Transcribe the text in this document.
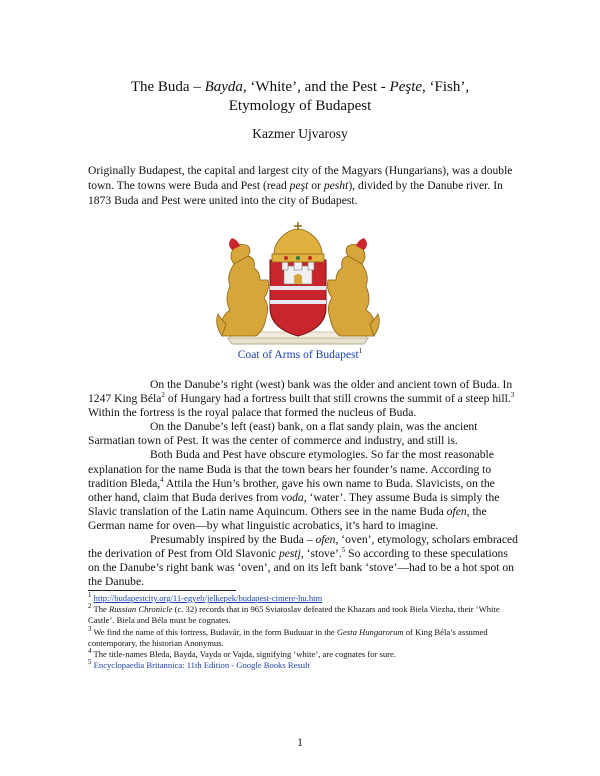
The Buda – Bayda, ‘White’, and the Pest - Peşte, ‘Fish’,
Etymology of Budapest
Kazmer Ujvarosy
Originally Budapest, the capital and largest city of the Magyars (Hungarians), was a double town. The towns were Buda and Pest (read peşt or pesht), divided by the Danube river. In 1873 Buda and Pest were united into the city of Budapest.
Coat of Arms of Budapest$^1$

On the Danube’s right (west) bank was the older and ancient town of Buda. In 1247 King Béla$^2$ of Hungary had a fortress built that still crowns the summit of a steep hill.$^3$ Within the fortress is the royal palace that formed the nucleus of Buda.

On the Danube’s left (east) bank, on a flat sandy plain, was the ancient Sarmatian town of Pest. It was the center of commerce and industry, and still is.

Both Buda and Pest have obscure etymologies. So far the most reasonable explanation for the name Buda is that the town bears her founder’s name. According to tradition Bleda,$^4$ Attila the Hun’s brother, gave his own name to Buda. Slavicists, on the other hand, claim that Buda derives from voda, ‘water’. They assume Buda is simply the Slavic translation of the Latin name Aquincum. Others see in the name Buda ofen, the German name for oven—by what linguistic acrobatics, it’s hard to imagine.

Presumably inspired by the Buda – ofen, ‘oven’, etymology, scholars embraced the derivation of Pest from Old Slavonic pestj, ‘stove’.$^5$ So according to these speculations on the Danube’s right bank was ‘oven’, and on its left bank ‘stove’—had to be a hot spot on the Danube.

$^1$ http://budapestcity.org/11-egyeb/jelkepek/budapest-cimere-hu.htm
$^2$ The Russian Chronicle (c. 32) records that in 965 Sviatoslav defeated the Khazars and took Biela Viezha, their ‘White Castle’. Biela and Béla must be cognates.
$^3$ We find the name of this fortress, Budavár, in the form Buduuar in the Gesta Hungarorum of King Béla’s assumed contemporary, the historian Anonymus.
$^4$ The title-names Bleda, Bayda, Vayda or Vajda, signifying ‘white’, are cognates for sure.
$^5$ Encyclopaedia Britannica: 11th Edition - Google Books Result
1
